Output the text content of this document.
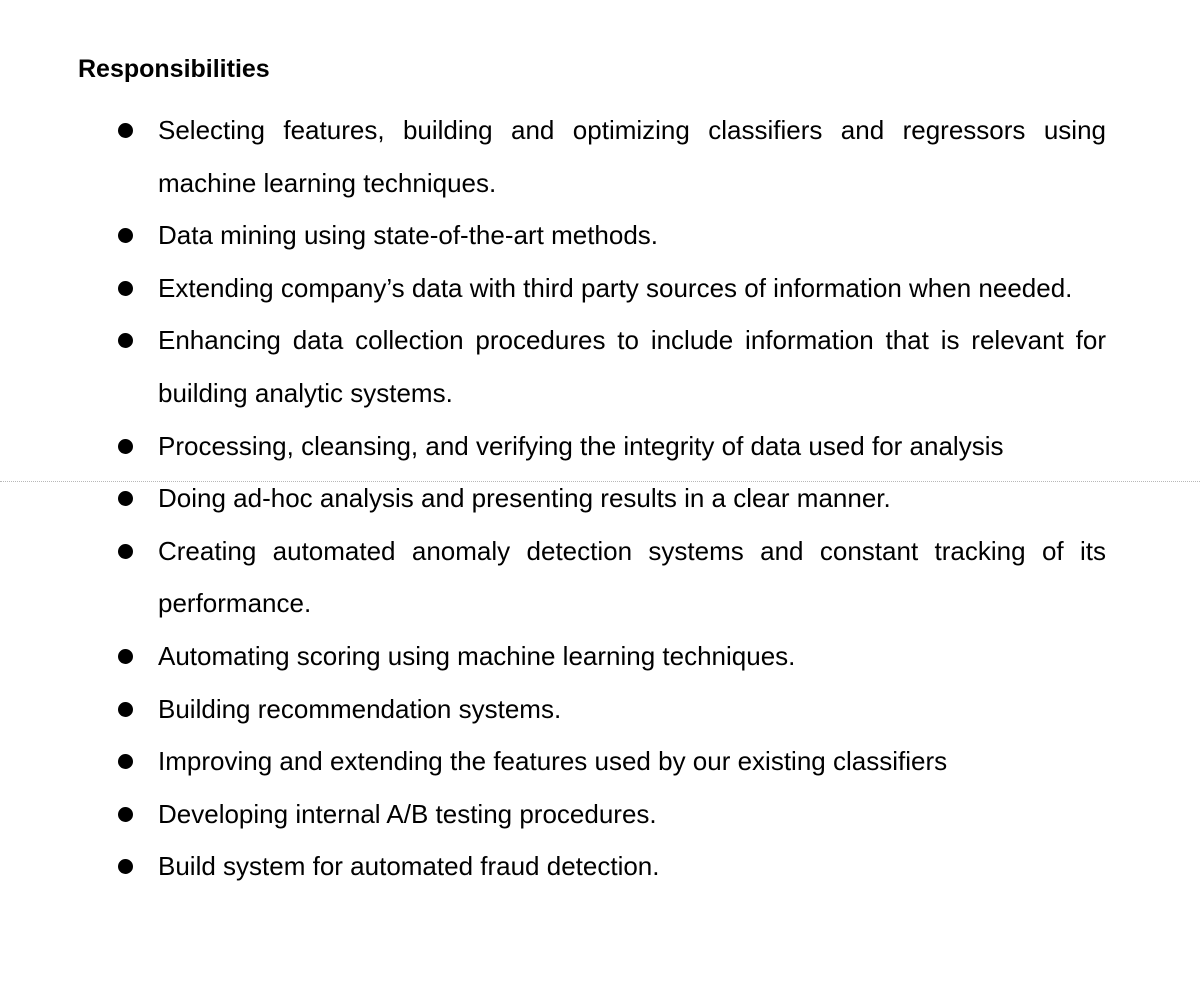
Responsibilities
Selecting features, building and optimizing classifiers and regressors using machine learning techniques.
Data mining using state-of-the-art methods.
Extending company’s data with third party sources of information when needed.
Enhancing data collection procedures to include information that is relevant for building analytic systems.
Processing, cleansing, and verifying the integrity of data used for analysis
Doing ad-hoc analysis and presenting results in a clear manner.
Creating automated anomaly detection systems and constant tracking of its performance.
Automating scoring using machine learning techniques.
Building recommendation systems.
Improving and extending the features used by our existing classifiers
Developing internal A/B testing procedures.
Build system for automated fraud detection.
